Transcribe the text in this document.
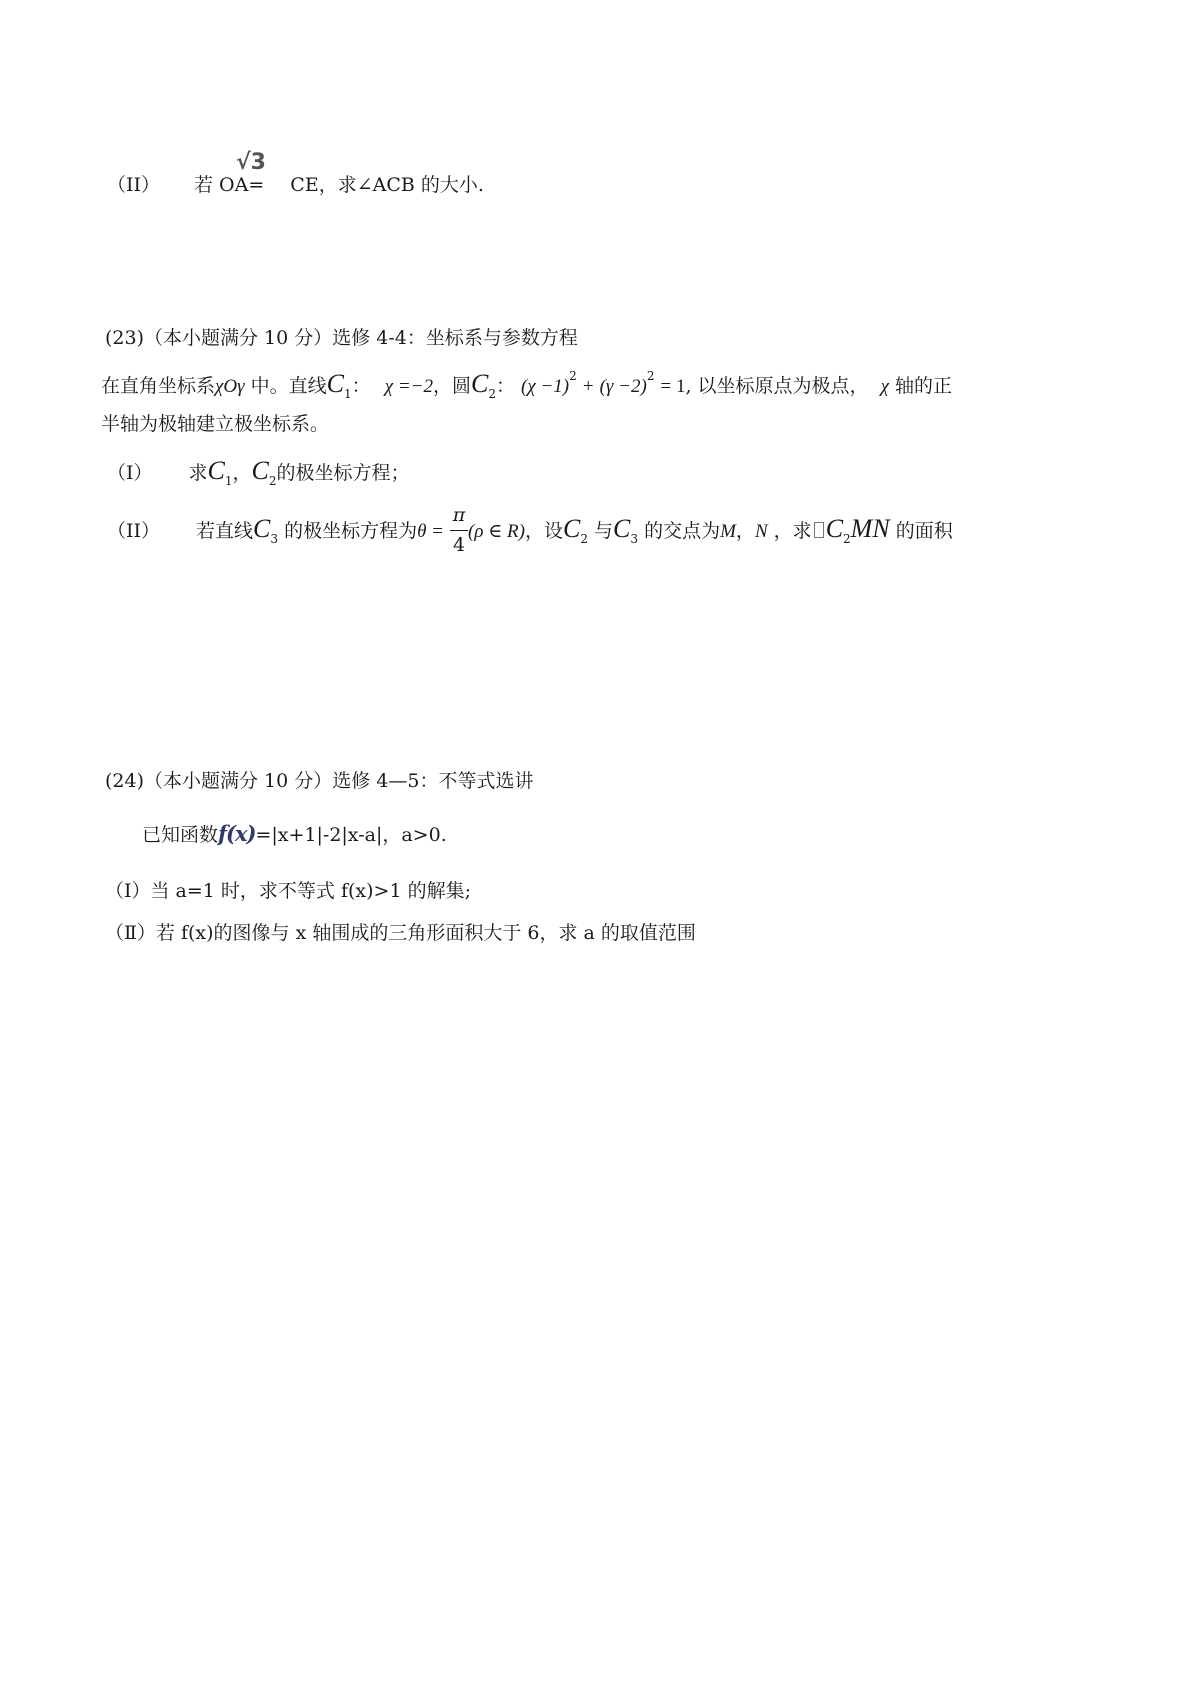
（II） 若 OA= CE，求∠ACB 的大小.
√3
(23)（本小题满分 10 分）选修 4-4：坐标系与参数方程
在直角坐标系χOγ 中。直线$C_1$： χ =−2，圆$C_2$： $(\chi -1)^2 + (\gamma -2)^2 = 1$, 以坐标原点为极点， χ 轴的正
半轴为极轴建立极坐标系。
（I） 求$C_1$，$C_2$的极坐标方程；
（II） 若直线$C_3$ 的极坐标方程为$\theta = \frac{\pi}{4} (\rho$ ∈ R)，设$C_2$ 与$C_3$ 的交点为M，N ，求 $C_2MN$ 的面积
(24)（本小题满分 10 分）选修 4—5：不等式选讲
已知函数f(x)=|x+1|-2|x-a|，a>0.
（Ⅰ）当 a=1 时，求不等式 f(x)>1 的解集;
（Ⅱ）若 f(x)的图像与 x 轴围成的三角形面积大于 6，求 a 的取值范围
